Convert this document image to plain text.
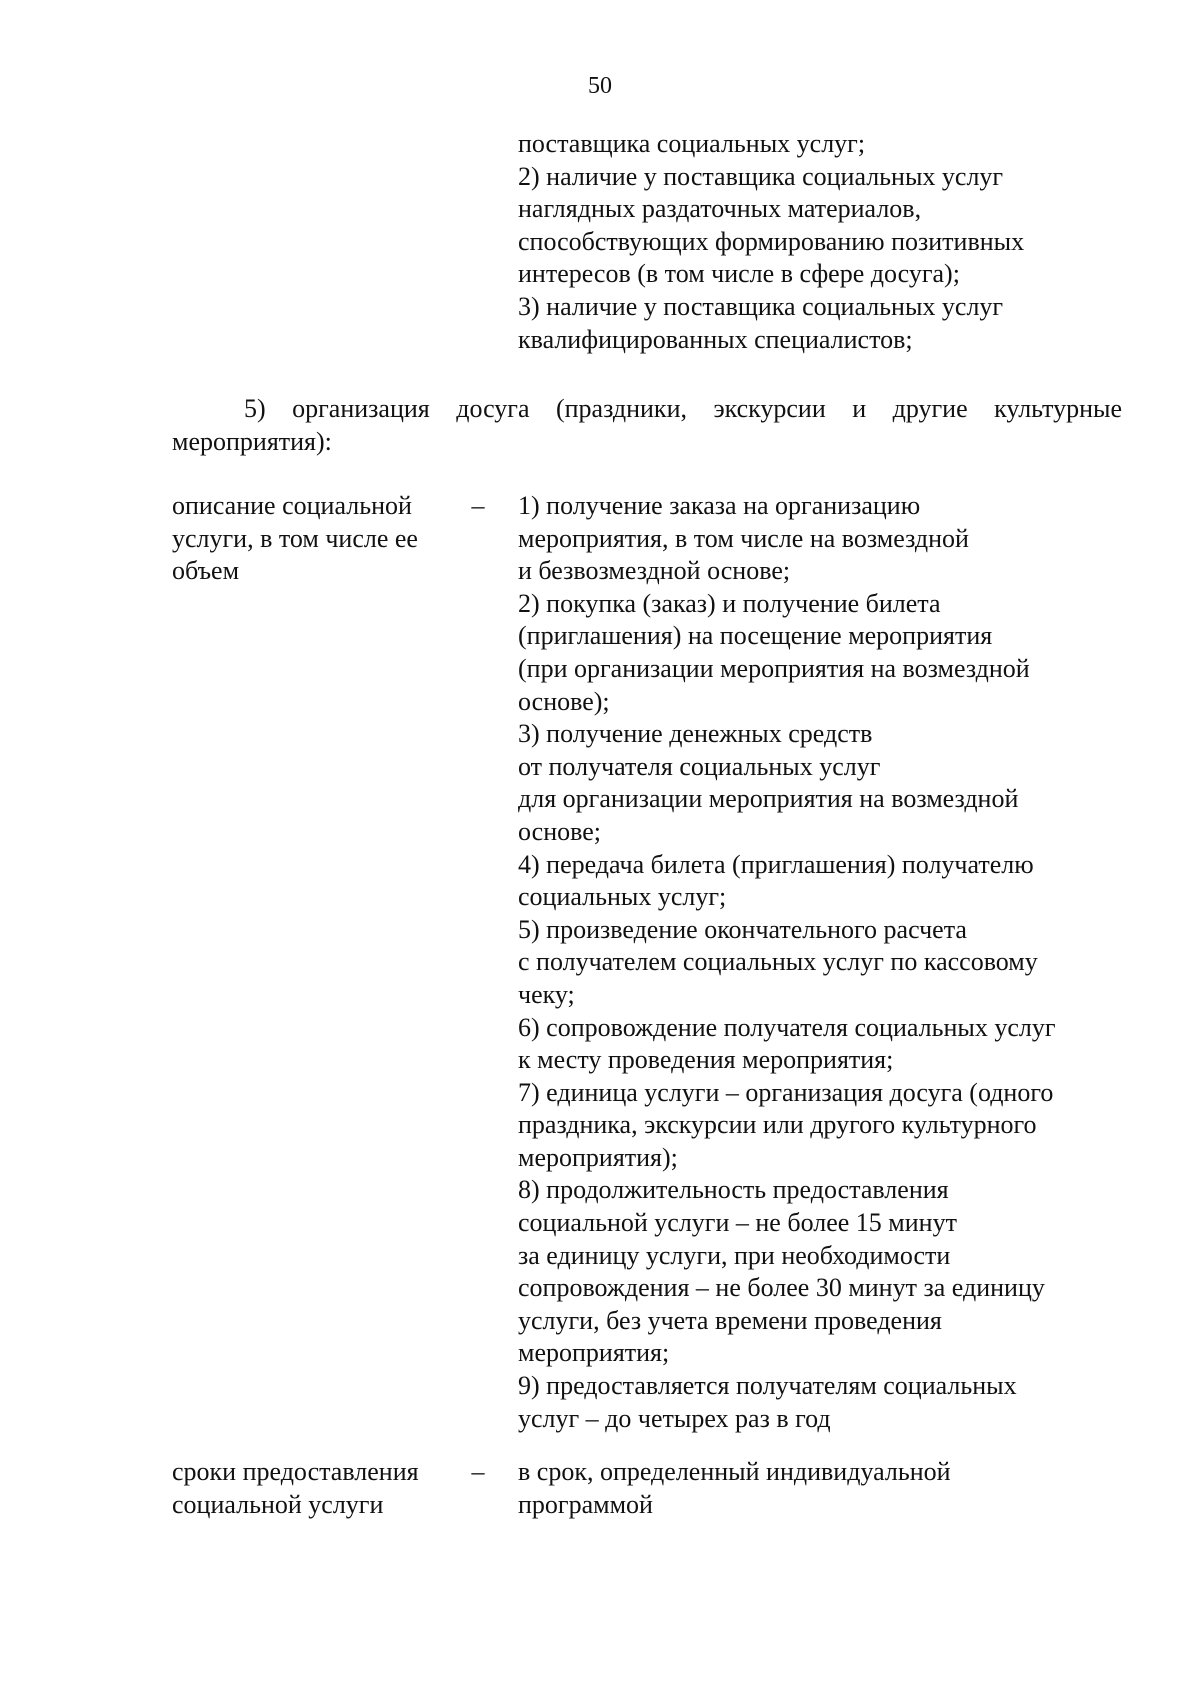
50
поставщика социальных услуг;
2) наличие у поставщика социальных услуг
наглядных раздаточных материалов,
способствующих формированию позитивных
интересов (в том числе в сфере досуга);
3) наличие у поставщика социальных услуг
квалифицированных специалистов;
5) организация досуга (праздники, экскурсии и другие культурные
мероприятия):
описание социальной
услуги, в том числе ее
объем
– 1) получение заказа на организацию
мероприятия, в том числе на возмездной
и безвозмездной основе;
2) покупка (заказ) и получение билета
(приглашения) на посещение мероприятия
(при организации мероприятия на возмездной
основе);
3) получение денежных средств
от получателя социальных услуг
для организации мероприятия на возмездной
основе;
4) передача билета (приглашения) получателю
социальных услуг;
5) произведение окончательного расчета
с получателем социальных услуг по кассовому
чеку;
6) сопровождение получателя социальных услуг
к месту проведения мероприятия;
7) единица услуги – организация досуга (одного
праздника, экскурсии или другого культурного
мероприятия);
8) продолжительность предоставления
социальной услуги – не более 15 минут
за единицу услуги, при необходимости
сопровождения – не более 30 минут за единицу
услуги, без учета времени проведения
мероприятия;
9) предоставляется получателям социальных
услуг – до четырех раз в год
сроки предоставления
социальной услуги
– в срок, определенный индивидуальной
программой
